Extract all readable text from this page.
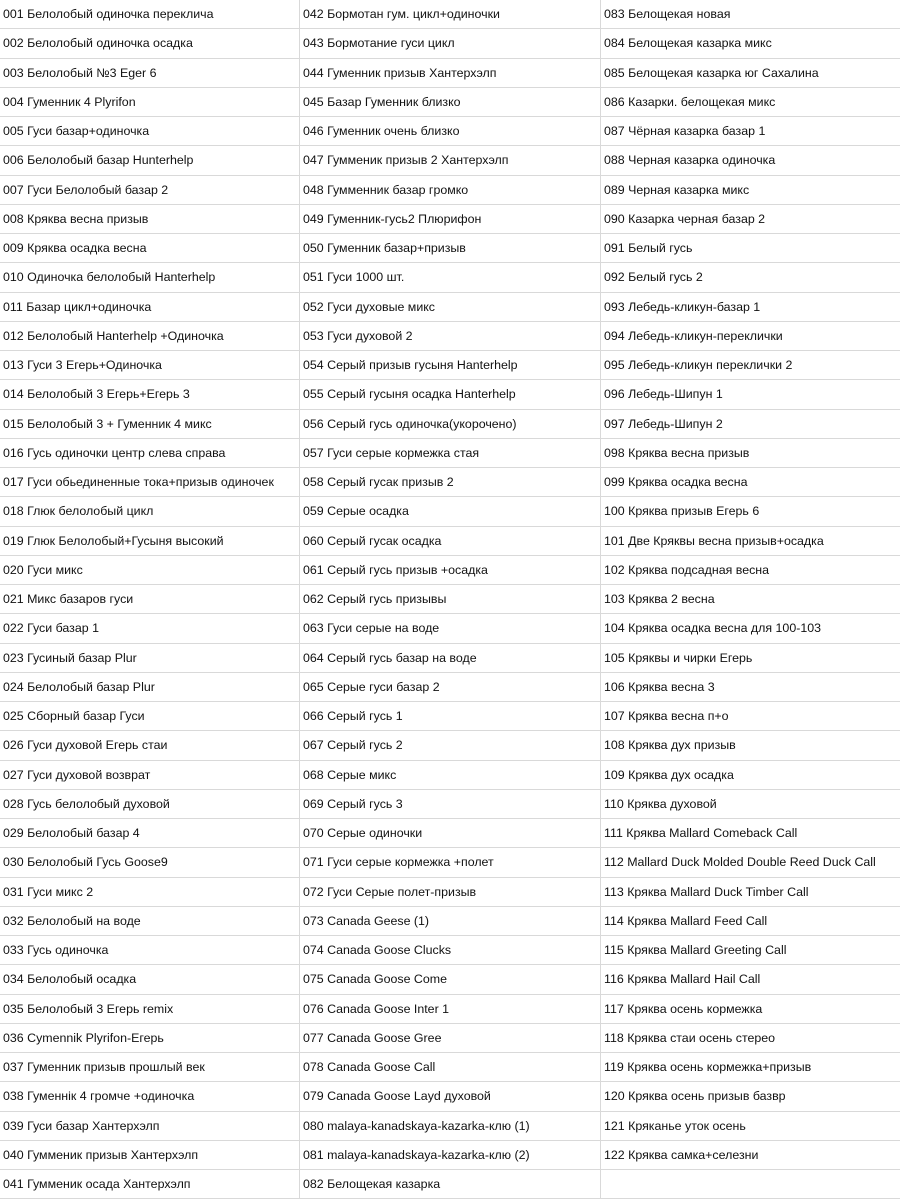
001 Белолобый одиночка переклича
002 Белолобый одиночка осадка
003 Белолобый №3 Eger 6
004 Гуменник 4 Plyrifon
005 Гуси базар+одиночка
006 Белолобый базар Hunterhelp
007 Гуси Белолобый базар 2
008 Кряква весна призыв
009 Кряква осадка весна
010 Одиночка белолобый Hanterhelp
011 Базар цикл+одиночка
012 Белолобый Hanterhelp +Одиночка
013 Гуси 3 Егерь+Одиночка
014 Белолобый 3 Егерь+Егерь 3
015 Белолобый 3 + Гуменник 4 микс
016 Гусь одиночки центр слева справа
017 Гуси обьединенные тока+призыв одиночек
018 Глюк белолобый цикл
019 Глюк Белолобый+Гусыня высокий
020 Гуси микс
021 Микс базаров гуси
022 Гуси базар 1
023 Гусиный базар Plur
024 Белолобый базар Plur
025 Сборный базар Гуси
026 Гуси духовой Егерь стаи
027 Гуси духовой возврат
028 Гусь белолобый духовой
029 Белолобый базар 4
030 Белолобый Гусь Goose9
031 Гуси микс 2
032 Белолобый на воде
033 Гусь одиночка
034 Белолобый осадка
035 Белолобый 3 Егерь remix
036 Cymennik Plyrifon-Егерь
037 Гуменник призыв прошлый век
038 Гуменнік 4 громче +одиночка
039 Гуси базар Хантерхэлп
040 Гумменик призыв Хантерхэлп
041 Гумменик осада Хантерхэлп
042 Бормотан гум. цикл+одиночки
043 Бормотание гуси цикл
044 Гуменник призыв Хантерхэлп
045 Базар Гуменник близко
046 Гуменник очень близко
047 Гумменик призыв 2 Хантерхэлп
048 Гумменник базар громко
049 Гуменник-гусь2 Плюрифон
050 Гуменник базар+призыв
051 Гуси 1000 шт.
052 Гуси духовые микс
053 Гуси духовой 2
054 Серый призыв гусыня Hanterhelp
055 Серый гусыня осадка Hanterhelp
056 Серый гусь одиночка(укорочено)
057 Гуси серые кормежка стая
058 Серый гусак призыв 2
059 Серые осадка
060 Серый гусак осадка
061 Серый гусь призыв +осадка
062 Серый гусь призывы
063 Гуси серые на воде
064 Серый гусь базар на воде
065 Серые гуси базар 2
066 Серый гусь 1
067 Серый гусь 2
068 Серые микс
069 Серый гусь 3
070 Серые одиночки
071 Гуси серые кормежка +полет
072 Гуси Серые полет-призыв
073 Canada Geese (1)
074 Canada Goose Clucks
075 Canada Goose Come
076 Canada Goose Inter 1
077 Canada Goose Gree
078 Canada Goose Call
079 Canada Goose Layd духовой
080 malaya-kanadskaya-kazarka-клю (1)
081 malaya-kanadskaya-kazarka-клю (2)
082 Белощекая казарка
083 Белощекая новая
084 Белощекая казарка микс
085 Белощекая казарка юг Сахалина
086 Казарки. белощекая микс
087 Чёрная казарка базар 1
088 Черная казарка одиночка
089 Черная казарка микс
090 Казарка черная базар 2
091 Белый гусь
092 Белый гусь 2
093 Лебедь-кликун-базар 1
094 Лебедь-кликун-переклички
095 Лебедь-кликун переклички 2
096 Лебедь-Шипун 1
097 Лебедь-Шипун 2
098 Кряква весна призыв
099 Кряква осадка весна
100 Кряква призыв Егерь 6
101 Две Кряквы весна призыв+осадка
102 Кряква подсадная весна
103 Кряква 2 весна
104 Кряква осадка весна для 100-103
105 Кряквы и чирки Егерь
106 Кряква весна 3
107 Кряква весна п+о
108 Кряква дух призыв
109 Кряква дух осадка
110 Кряква духовой
111 Кряква Mallard Comeback Call
112 Mallard Duck Molded Double Reed Duck Call
113 Кряква Mallard Duck Timber Call
114 Кряква Mallard Feed Call
115 Кряква Mallard Greeting Call
116 Кряква Mallard Hail Call
117 Кряква осень кормежка
118 Кряква стаи осень стерео
119 Кряква осень кормежка+призыв
120 Кряква осень призыв базвр
121 Кряканье уток осень
122 Кряква самка+селезни
